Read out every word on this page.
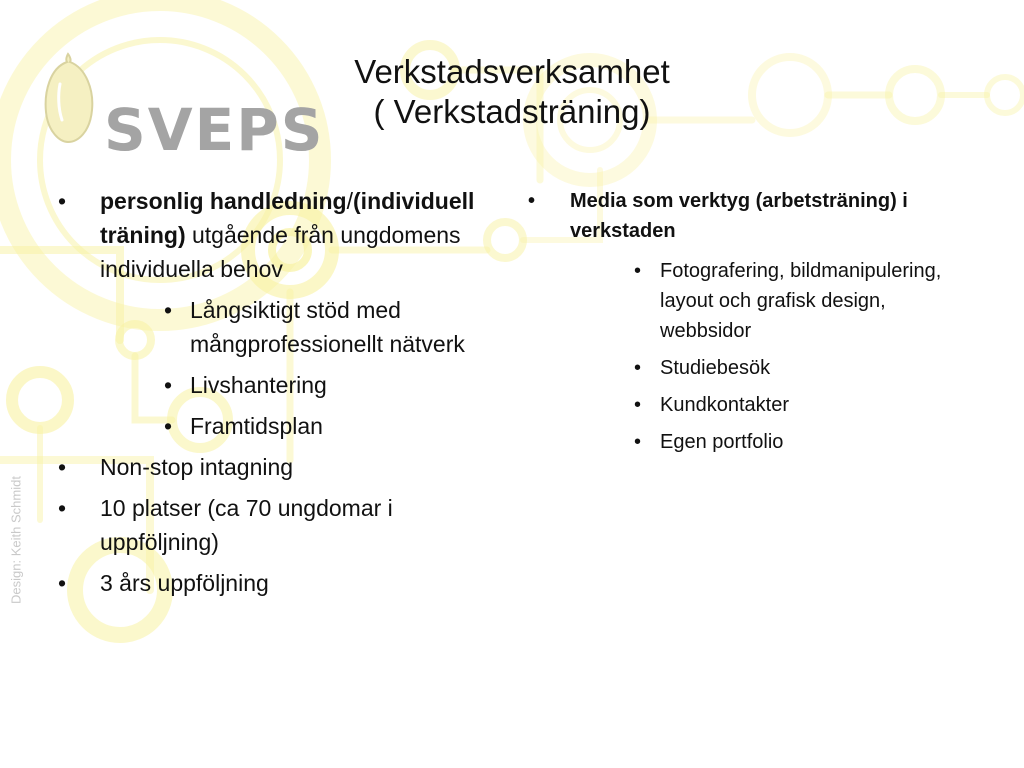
SVEPS
Verkstadsverksamhet
( Verkstadsträning)
Design: Keith Schmidt
• personlig handledning/(individuell träning) utgående från ungdomens individuella behov
• Långsiktigt stöd med mångprofessionellt nätverk
• Livshantering
• Framtidsplan
• Non-stop intagning
• 10 platser (ca 70 ungdomar i uppföljning)
• 3 års uppföljning
• Media som verktyg (arbetsträning) i verkstaden
• Fotografering, bildmanipulering, layout och grafisk design, webbsidor
• Studiebesök
• Kundkontakter
• Egen portfolio
